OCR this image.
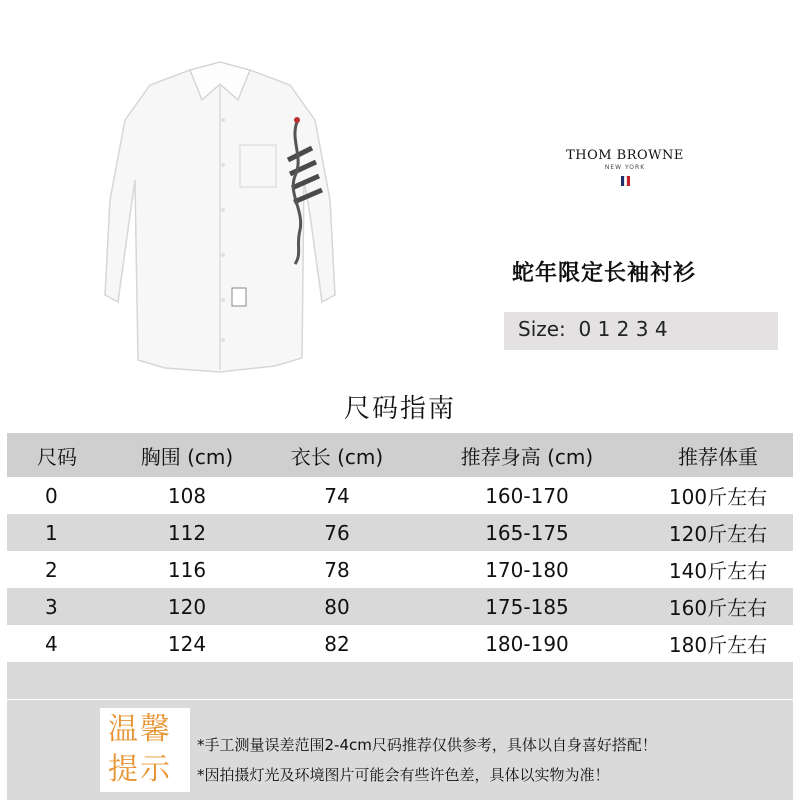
THOM BROWNE
NEW YORK
蛇年限定长袖衬衫
Size:  0 1 2 3 4
尺码指南
尺码	胸围 (cm)	衣长 (cm)	推荐身高 (cm)	推荐体重
0	108	74	160-170	100斤左右
1	112	76	165-175	120斤左右
2	116	78	170-180	140斤左右
3	120	80	175-185	160斤左右
4	124	82	180-190	180斤左右
温馨
提示
*手工测量误差范围2-4cm尺码推荐仅供参考，具体以自身喜好搭配！
*因拍摄灯光及环境图片可能会有些许色差，具体以实物为准！
